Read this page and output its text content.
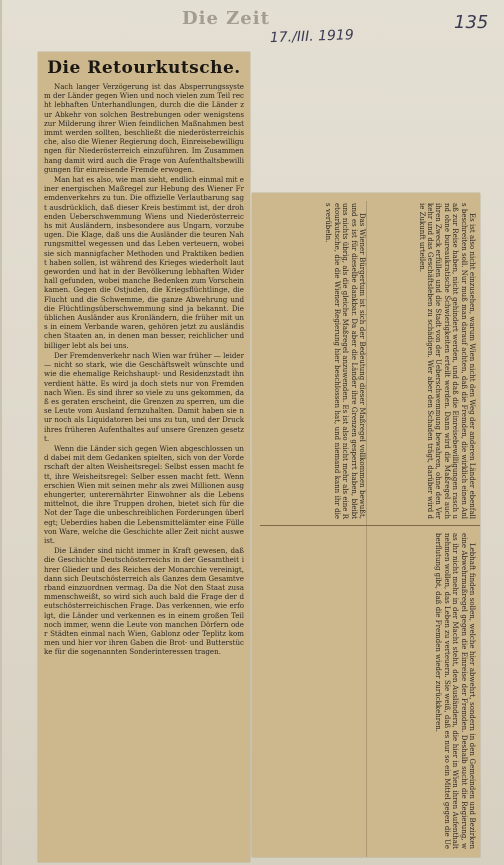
Die Zeit
17./III. 1919
135
Die Retourkutsche.

Nach langer Verzögerung ist das Absperrungssystem der Länder gegen Wien und noch vielen zum Teil recht lebhaften Unterhandlungen, durch die die Länder zur Abkehr von solchen Bestrebungen oder wenigstens zur Milderung ihrer Wien feindlichen Maßnahmen bestimmt werden sollten, beschließt die niederösterreichische, also die Wiener Regierung doch, Einreisebewilligungen für Niederösterreich einzuführen. Im Zusammenhang damit wird auch die Frage von Aufenthaltsbewilligungen für einreisende Fremde erwogen.

Man hat es also, wie man sieht, endlich einmal mit einer energischen Maßregel zur Hebung des Wiener Fremdenverkehrs zu tun. Die offizielle Verlautbarung sagt ausdrücklich, daß dieser Kreis bestimmt ist, der drohenden Ueberschwemmung Wiens und Niederösterreichs mit Ausländern, insbesondere aus Ungarn, vorzubeugen. Die Klage, daß uns die Ausländer die teuren Nahrungsmittel wegessen und das Leben verteuern, wobei sie sich mannigfacher Methoden und Praktiken bedient haben sollen, ist während des Krieges wiederholt laut geworden und hat in der Bevölkerung lebhaften Widerhall gefunden, wobei manche Bedenken zum Vorschein kamen. Gegen die Ostjuden, die Kriegsflüchtlinge, die Flucht und die Schwemme, die ganze Abwehrung und die Flüchtlingsüberschwemmung sind ja bekannt. Die üblichen Ausländer aus Kronländern, die früher mit uns in einem Verbande waren, gehören jetzt zu ausländischen Staaten an, in denen man besser, reichlicher und billiger lebt als bei uns.

Der Fremdenverkehr nach Wien war früher — leider — nicht so stark, wie die Geschäftswelt wünschte und wie die ehemalige Reichshaupt- und Residenzstadt ihn verdient hätte. Es wird ja doch stets nur von Fremden nach Wien. Es sind ihrer so viele zu uns gekommen, daß es geraten erscheint, die Grenzen zu sperren, um diese Leute vom Ausland fernzuhalten. Damit haben sie nur noch als Liquidatoren bei uns zu tun, und der Druck ihres früheren Aufenthaltes auf unsere Grenzen gesetzt.

Wenn die Länder sich gegen Wien abgeschlossen und dabei mit dem Gedanken spielten, sich von der Vorderschaft der alten Weisheitsregel: Selbst essen macht fett, ihre Weisheitsregel: Selber essen macht fett. Wenn erschien Wien mit seinen mehr als zwei Millionen ausgehungerter, unterernährter Einwohner als die Lebensmittelnot, die ihre Truppen drohen, bietet sich für die Not der Tage die unbeschreiblichen Forderungen überlegt; Ueberdies haben die Lebensmittelämter eine Fülle von Ware, welche die Geschichte aller Zeit nicht ausweist.

Die Länder sind nicht immer in Kraft gewesen, daß die Geschichte Deutschösterreichs in der Gesamtheit ihrer Glieder und des Reiches der Monarchie vereinigt, dann sich Deutschösterreich als Ganzes dem Gesamtverband einzuordnen vermag. Da die Not den Staat zusammenschweißt, so wird sich auch bald die Frage der deutschösterreichischen Frage. Das verkennen, wie erfolgt, die Länder und verkennen es in einem großen Teil noch immer, wenn die Leute von manchen Dörfern oder Städten einmal nach Wien, Gablonz oder Teplitz kommen und hier vor ihren Gaben die Brot- und Butterstücke für die sogenannten Sonderinteressen tragen.

Es ist also nicht einzusehen, warum Wien nicht den Weg der anderen Länder ebenfalls beschreiten soll. Nur muß man darauf achten, daß die Fremden, die wirklich einen Anlaß zur Reise haben, nicht gehindert werden, und daß die Einreisebewilligungen rasch und ohne bureaukratische Schwierigkeiten erteilt werden. Dann wird die Maßregel auch ihren Zweck erfüllen und die Stadt von der Ueberschwemmung bewahren, ohne den Verkehr und das Geschäftsleben zu schädigen. Wer aber den Schaden trägt, darüber wird die Zukunft urteilen.

Das Wiener Bürgertum ist sich der Bedeutung dieser Maßregel vollkommen bewußt, und es ist für dieselbe dankbar. Da aber die Länder ihre Grenzen gesperrt haben, bleibt uns nichts übrig, als die gleiche Maßregel anzuwenden. Es ist also nicht mehr als eine Retourkutsche, die die Wiener Regierung hier beschlossen hat, und niemand kann ihr dies verübeln.

Lebhaft finden sollen, welche hier abwehrt, sondern in den Gemeinden und Bezirken eine Abwehrmaßregel gegen die Einreise der Fremden. Deshalb sucht die Regierung, was ihr nicht mehr in der Macht steht, den Ausländern, die hier in Wien ihren Aufenthalt nehmen wollen, das Leben zu verteuern. Sie weiß, daß es nur so ein Mittel gegen die Ueberflutung gibt, daß die Fremden wieder zurückkehren.
